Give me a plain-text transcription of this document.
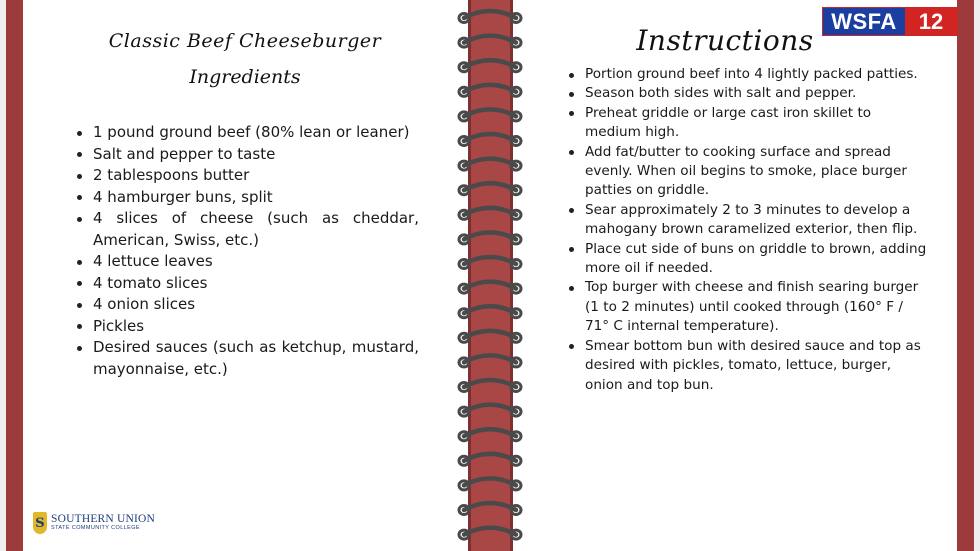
Classic Beef Cheeseburger
Ingredients
1 pound ground beef (80% lean or leaner)
Salt and pepper to taste
2 tablespoons butter
4 hamburger buns, split
4 slices of cheese (such as cheddar, American, Swiss, etc.)
4 lettuce leaves
4 tomato slices
4 onion slices
Pickles
Desired sauces (such as ketchup, mustard, mayonnaise, etc.)
Instructions
Portion ground beef into 4 lightly packed patties.
Season both sides with salt and pepper.
Preheat griddle or large cast iron skillet to medium high.
Add fat/butter to cooking surface and spread evenly. When oil begins to smoke, place burger patties on griddle.
Sear approximately 2 to 3 minutes to develop a mahogany brown caramelized exterior, then flip.
Place cut side of buns on griddle to brown, adding more oil if needed.
Top burger with cheese and finish searing burger (1 to 2 minutes) until cooked through (160° F / 71° C internal temperature).
Smear bottom bun with desired sauce and top as desired with pickles, tomato, lettuce, burger, onion and top bun.
WSFA 12
S SOUTHERN UNION
STATE COMMUNITY COLLEGE
